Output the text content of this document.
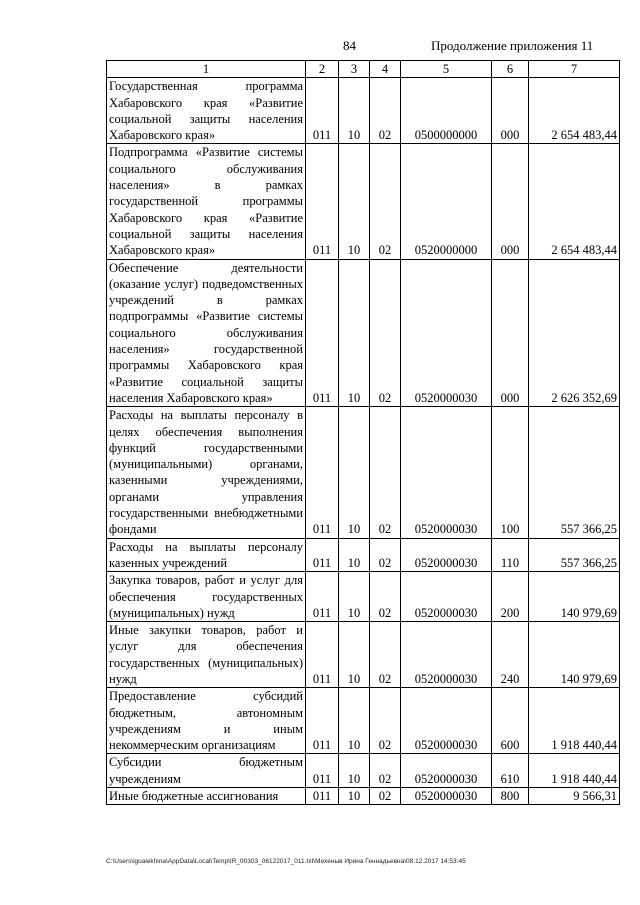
84	Продолжение приложения 11
1	2	3	4	5	6	7
Государственная программа Хабаровского края «Развитие социальной защиты населения Хабаровского края»	011	10	02	0500000000	000	2 654 483,44
Подпрограмма «Развитие системы социального обслуживания населения» в рамках государственной программы Хабаровского края «Развитие социальной защиты населения Хабаровского края»	011	10	02	0520000000	000	2 654 483,44
Обеспечение деятельности (оказание услуг) подведомственных учреждений в рамках подпрограммы «Развитие системы социального обслуживания населения» государственной программы Хабаровского края «Развитие социальной защиты населения Хабаровского края»	011	10	02	0520000030	000	2 626 352,69
Расходы на выплаты персоналу в целях обеспечения выполнения функций государственными (муниципальными) органами, казенными учреждениями, органами управления государственными внебюджетными фондами	011	10	02	0520000030	100	557 366,25
Расходы на выплаты персоналу казенных учреждений	011	10	02	0520000030	110	557 366,25
Закупка товаров, работ и услуг для обеспечения государственных (муниципальных) нужд	011	10	02	0520000030	200	140 979,69
Иные закупки товаров, работ и услуг для обеспечения государственных (муниципальных) нужд	011	10	02	0520000030	240	140 979,69
Предоставление субсидий бюджетным, автономным учреждениям и иным некоммерческим организациям	011	10	02	0520000030	600	1 918 440,44
Субсидии бюджетным учреждениям	011	10	02	0520000030	610	1 918 440,44
Иные бюджетные ассигнования	011	10	02	0520000030	800	9 566,31
C:\Users\igualekhina\AppData\Local\Temp\IR_00303_06122017_011.txt\Мехеныв Ирина Геннадьевна\08.12.2017 14:53:45
